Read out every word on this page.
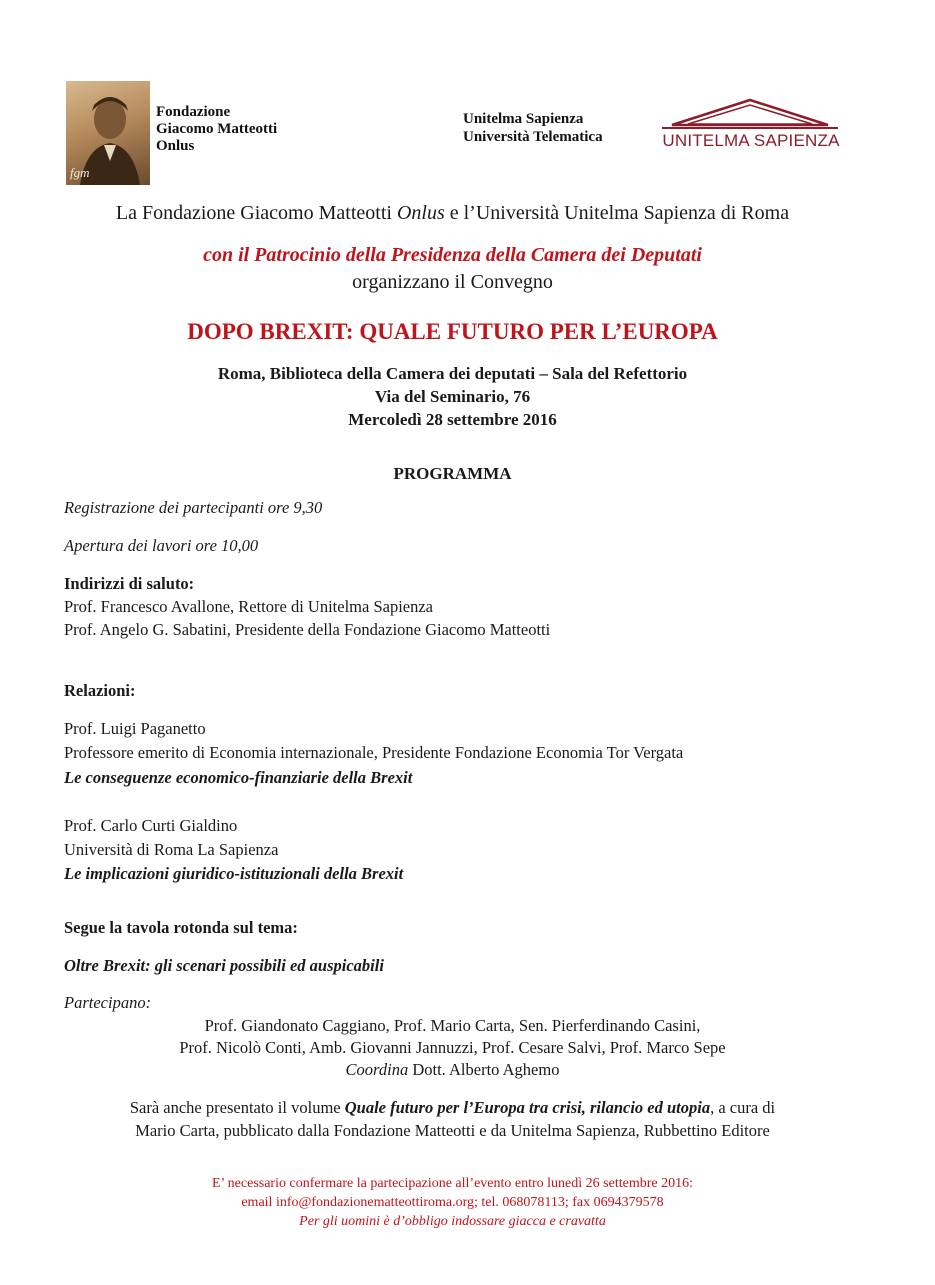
fgm
Fondazione
Giacomo Matteotti
Onlus
Unitelma Sapienza
Università Telematica	UNITELMA SAPIENZA

La Fondazione Giacomo Matteotti Onlus e l’Università Unitelma Sapienza di Roma

con il Patrocinio della Presidenza della Camera dei Deputati

organizzano il Convegno

DOPO BREXIT: QUALE FUTURO PER L’EUROPA

Roma, Biblioteca della Camera dei deputati – Sala del Refettorio

Via del Seminario, 76

Mercoledì 28 settembre 2016

PROGRAMMA

Registrazione dei partecipanti ore 9,30

Apertura dei lavori ore 10,00

Indirizzi di saluto:

Prof. Francesco Avallone, Rettore di Unitelma Sapienza

Prof. Angelo G. Sabatini, Presidente della Fondazione Giacomo Matteotti

Relazioni:

Prof. Luigi Paganetto

Professore emerito di Economia internazionale, Presidente Fondazione Economia Tor Vergata

Le conseguenze economico-finanziarie della Brexit

Prof. Carlo Curti Gialdino

Università di Roma La Sapienza

Le implicazioni giuridico-istituzionali della Brexit

Segue la tavola rotonda sul tema:

Oltre Brexit: gli scenari possibili ed auspicabili

Partecipano:

Prof. Giandonato Caggiano, Prof. Mario Carta, Sen. Pierferdinando Casini,

Prof. Nicolò Conti, Amb. Giovanni Jannuzzi, Prof. Cesare Salvi, Prof. Marco Sepe

Coordina Dott. Alberto Aghemo

Sarà anche presentato il volume Quale futuro per l’Europa tra crisi, rilancio ed utopia, a cura di

Mario Carta, pubblicato dalla Fondazione Matteotti e da Unitelma Sapienza, Rubbettino Editore

E’ necessario confermare la partecipazione all’evento entro lunedì 26 settembre 2016:

email info@fondazionematteottiroma.org; tel. 068078113; fax 0694379578

Per gli uomini è d’obbligo indossare giacca e cravatta
